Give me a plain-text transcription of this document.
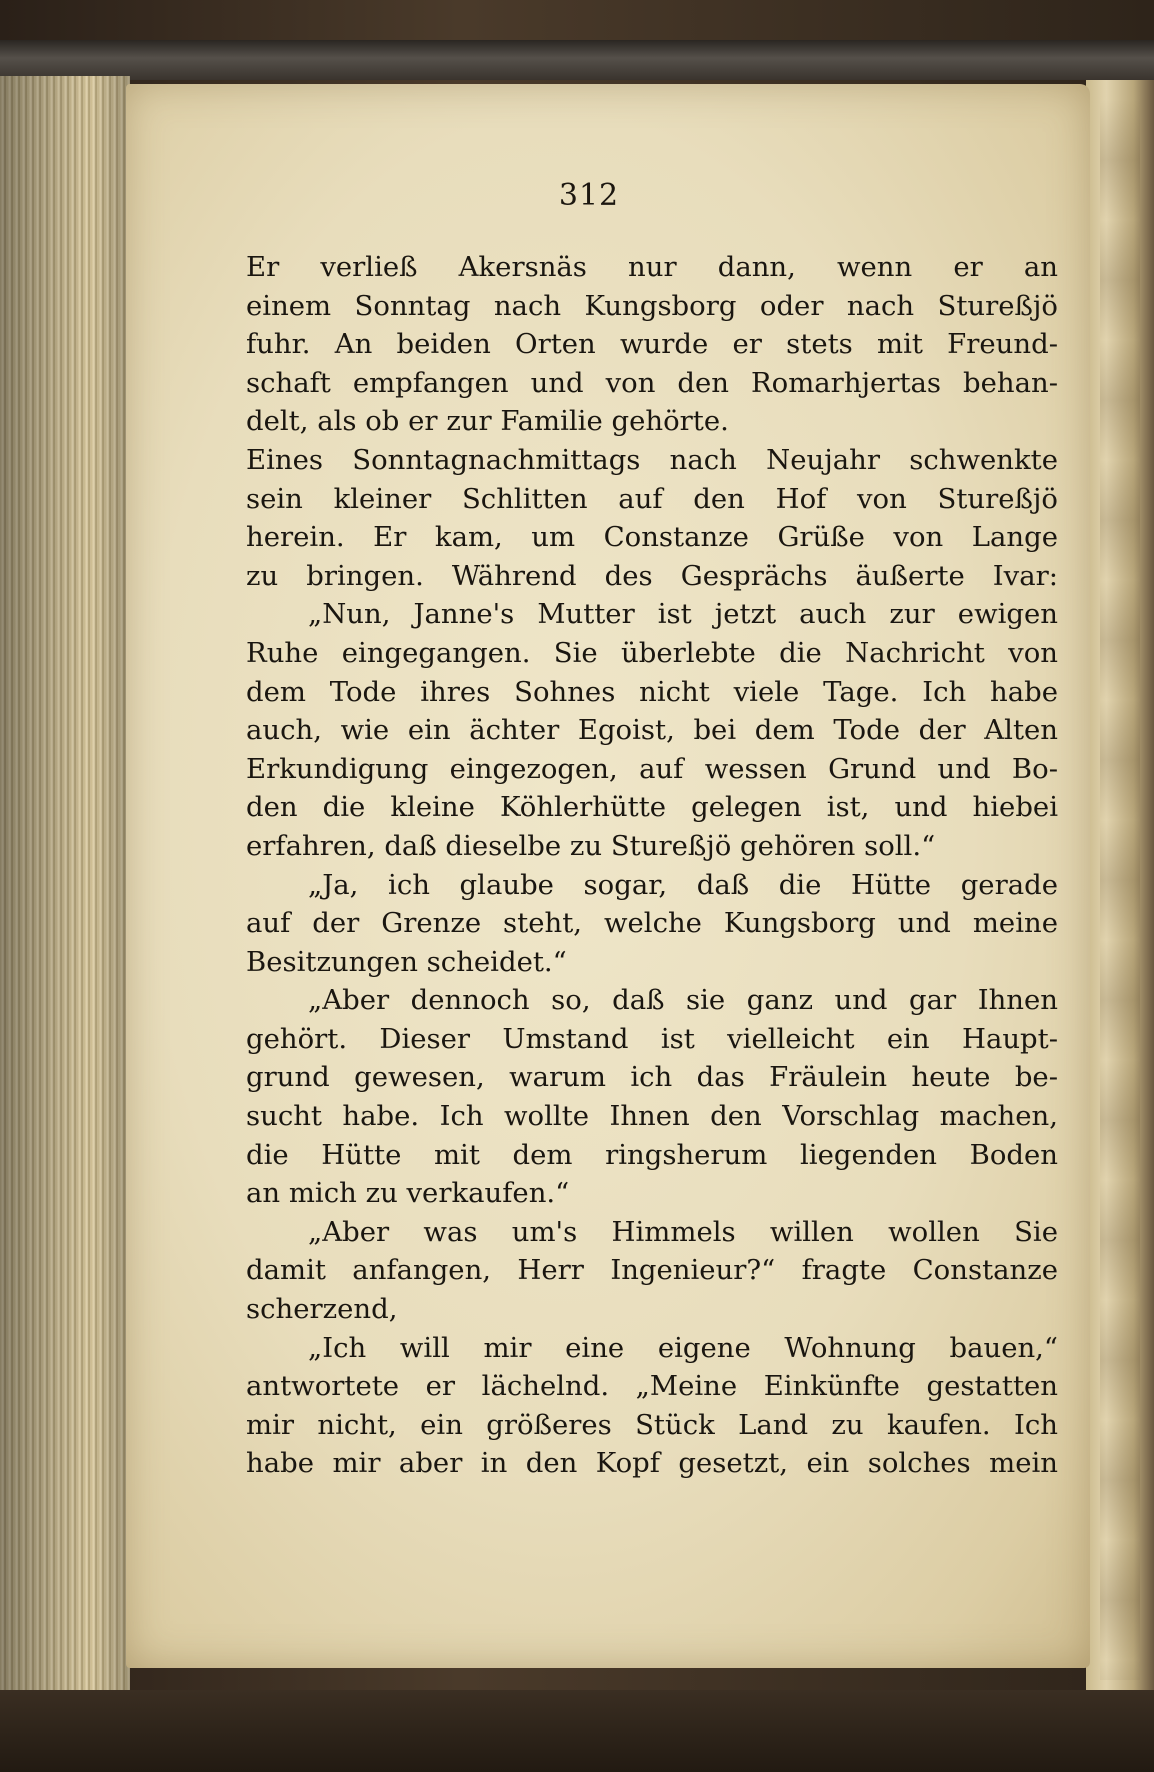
312
Er verließ Akersnäs nur dann, wenn er an
einem Sonntag nach Kungsborg oder nach Stureßjö
fuhr. An beiden Orten wurde er stets mit Freund-
schaft empfangen und von den Romarhjertas behan-
delt, als ob er zur Familie gehörte.
Eines Sonntagnachmittags nach Neujahr schwenkte
sein kleiner Schlitten auf den Hof von Stureßjö
herein. Er kam, um Constanze Grüße von Lange
zu bringen. Während des Gesprächs äußerte Ivar:
„Nun, Janne's Mutter ist jetzt auch zur ewigen
Ruhe eingegangen. Sie überlebte die Nachricht von
dem Tode ihres Sohnes nicht viele Tage. Ich habe
auch, wie ein ächter Egoist, bei dem Tode der Alten
Erkundigung eingezogen, auf wessen Grund und Bo-
den die kleine Köhlerhütte gelegen ist, und hiebei
erfahren, daß dieselbe zu Stureßjö gehören soll.“
„Ja, ich glaube sogar, daß die Hütte gerade
auf der Grenze steht, welche Kungsborg und meine
Besitzungen scheidet.“
„Aber dennoch so, daß sie ganz und gar Ihnen
gehört. Dieser Umstand ist vielleicht ein Haupt-
grund gewesen, warum ich das Fräulein heute be-
sucht habe. Ich wollte Ihnen den Vorschlag machen,
die Hütte mit dem ringsherum liegenden Boden
an mich zu verkaufen.“
„Aber was um's Himmels willen wollen Sie
damit anfangen, Herr Ingenieur?“ fragte Constanze
scherzend,
„Ich will mir eine eigene Wohnung bauen,“
antwortete er lächelnd. „Meine Einkünfte gestatten
mir nicht, ein größeres Stück Land zu kaufen. Ich
habe mir aber in den Kopf gesetzt, ein solches mein
